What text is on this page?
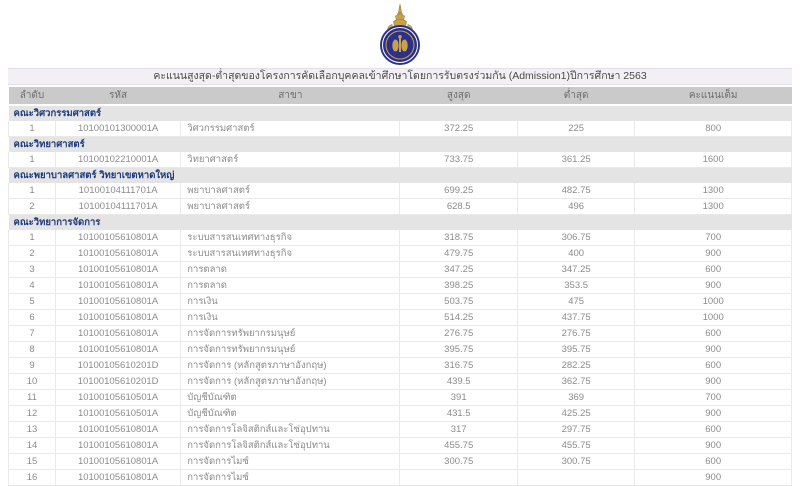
คะแนนสูงสุด-ต่ำสุดของโครงการคัดเลือกบุคคลเข้าศึกษาโดยการรับตรงร่วมกัน (Admission1)ปีการศึกษา 2563
ลำดับ	รหัส	สาขา	สูงสุด	ต่ำสุด	คะแนนเต็ม
คณะวิศวกรรมศาสตร์					
1	10100101300001A	วิศวกรรมศาสตร์	372.25	225	800
คณะวิทยาศาสตร์					
1	10100102210001A	วิทยาศาสตร์	733.75	361.25	1600
คณะพยาบาลศาสตร์ วิทยาเขตหาดใหญ่					
1	10100104111701A	พยาบาลศาสตร์	699.25	482.75	1300
2	10100104111701A	พยาบาลศาสตร์	628.5	496	1300
คณะวิทยาการจัดการ					
1	10100105610801A	ระบบสารสนเทศทางธุรกิจ	318.75	306.75	700
2	10100105610801A	ระบบสารสนเทศทางธุรกิจ	479.75	400	900
3	10100105610801A	การตลาด	347.25	347.25	600
4	10100105610801A	การตลาด	398.25	353.5	900
5	10100105610801A	การเงิน	503.75	475	1000
6	10100105610801A	การเงิน	514.25	437.75	1000
7	10100105610801A	การจัดการทรัพยากรมนุษย์	276.75	276.75	600
8	10100105610801A	การจัดการทรัพยากรมนุษย์	395.75	395.75	900
9	10100105610201D	การจัดการ (หลักสูตรภาษาอังกฤษ)	316.75	282.25	600
10	10100105610201D	การจัดการ (หลักสูตรภาษาอังกฤษ)	439.5	362.75	900
11	10100105610501A	บัญชีบัณฑิต	391	369	700
12	10100105610501A	บัญชีบัณฑิต	431.5	425.25	900
13	10100105610801A	การจัดการโลจิสติกส์และโซ่อุปทาน	317	297.75	600
14	10100105610801A	การจัดการโลจิสติกส์และโซ่อุปทาน	455.75	455.75	900
15	10100105610801A	การจัดการไมซ์	300.75	300.75	600
16	10100105610801A	การจัดการไมซ์			900
